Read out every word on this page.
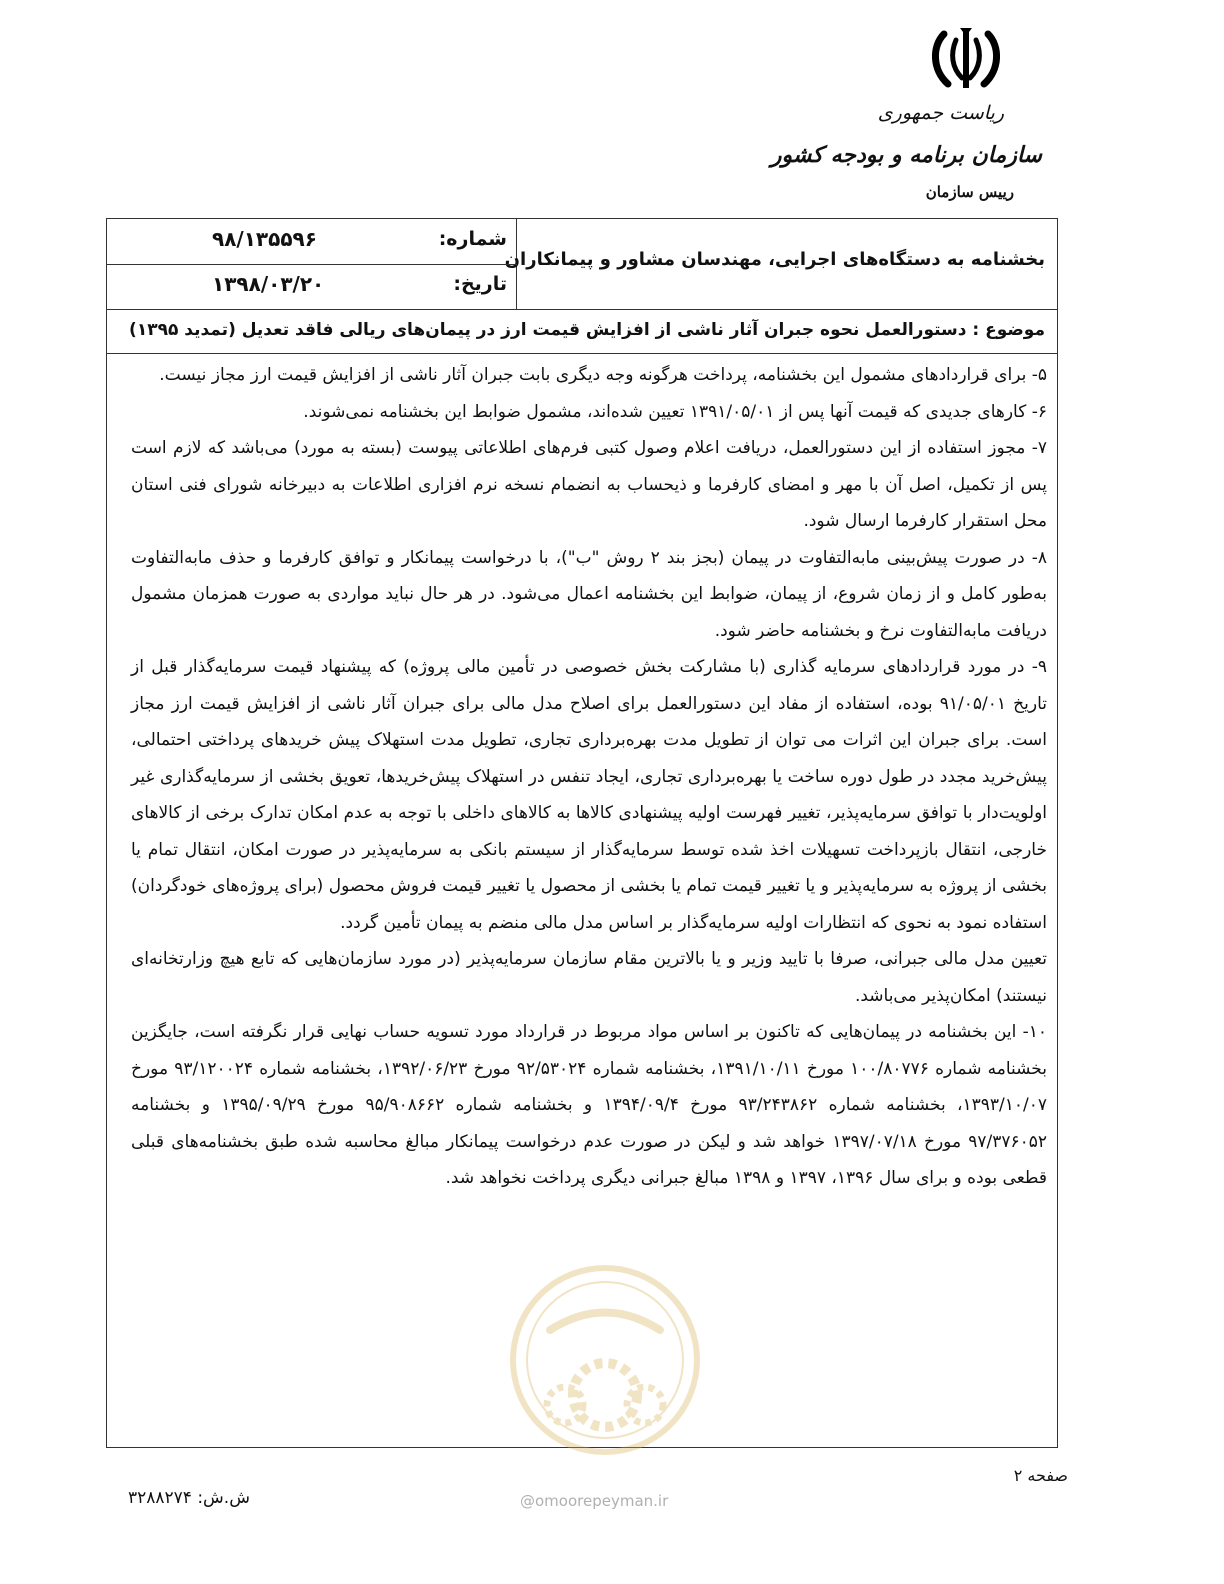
ریاست جمهوری
سازمان برنامه و بودجه کشور
رییس سازمان
بخشنامه به دستگاه‌های اجرایی، مهندسان مشاور و پیمانکاران
شماره:
۹۸/۱۳۵۵۹۶
تاریخ:
۱۳۹۸/۰۳/۲۰
موضوع : دستورالعمل نحوه جبران آثار ناشی از افزایش قیمت ارز در پیمان‌های ریالی فاقد تعدیل (تمدید ۱۳۹۵)

۵- برای قراردادهای مشمول این بخشنامه، پرداخت هرگونه وجه دیگری بابت جبران آثار ناشی از افزایش قیمت ارز مجاز نیست.

۶- کارهای جدیدی که قیمت آنها پس از ۱۳۹۱/۰۵/۰۱ تعیین شده‌اند، مشمول ضوابط این بخشنامه نمی‌شوند.

۷- مجوز استفاده از این دستورالعمل، دریافت اعلام وصول کتبی فرم‌های اطلاعاتی پیوست (بسته به مورد) می‌باشد که لازم است پس از تکمیل، اصل آن با مهر و امضای کارفرما و ذیحساب به انضمام نسخه نرم افزاری اطلاعات به دبیرخانه شورای فنی استان محل استقرار کارفرما ارسال شود.

۸- در صورت پیش‌بینی مابه‌التفاوت در پیمان (بجز بند ۲ روش "ب")، با درخواست پیمانکار و توافق کارفرما و حذف مابه‌التفاوت به‌طور کامل و از زمان شروع، از پیمان، ضوابط این بخشنامه اعمال می‌شود. در هر حال نباید مواردی به صورت همزمان مشمول دریافت مابه‌التفاوت نرخ و بخشنامه حاضر شود.

۹- در مورد قراردادهای سرمایه گذاری (با مشارکت بخش خصوصی در تأمین مالی پروژه) که پیشنهاد قیمت سرمایه‌گذار قبل از تاریخ ۹۱/۰۵/۰۱ بوده، استفاده از مفاد این دستورالعمل برای اصلاح مدل مالی برای جبران آثار ناشی از افزایش قیمت ارز مجاز است. برای جبران این اثرات می توان از تطویل مدت بهره‌برداری تجاری، تطویل مدت استهلاک پیش خریدهای پرداختی احتمالی، پیش‌خرید مجدد در طول دوره ساخت یا بهره‌برداری تجاری، ایجاد تنفس در استهلاک پیش‌خریدها، تعویق بخشی از سرمایه‌گذاری غیر اولویت‌دار با توافق سرمایه‌پذیر، تغییر فهرست اولیه پیشنهادی کالاها به کالاهای داخلی با توجه به عدم امکان تدارک برخی از کالاهای خارجی، انتقال بازپرداخت تسهیلات اخذ شده توسط سرمایه‌گذار از سیستم بانکی به سرمایه‌پذیر در صورت امکان، انتقال تمام یا بخشی از پروژه به سرمایه‌پذیر و یا تغییر قیمت تمام یا بخشی از محصول یا تغییر قیمت فروش محصول (برای پروژه‌های خودگردان) استفاده نمود به نحوی که انتظارات اولیه سرمایه‌گذار بر اساس مدل مالی منضم به پیمان تأمین گردد.

تعیین مدل مالی جبرانی، صرفا با تایید وزیر و یا بالاترین مقام سازمان سرمایه‌پذیر (در مورد سازمان‌هایی که تابع هیچ وزارتخانه‌ای نیستند) امکان‌پذیر می‌باشد.

۱۰- این بخشنامه در پیمان‌هایی که تاکنون بر اساس مواد مربوط در قرارداد مورد تسویه حساب نهایی قرار نگرفته است، جایگزین بخشنامه شماره ۱۰۰/۸۰۷۷۶ مورخ ۱۳۹۱/۱۰/۱۱، بخشنامه شماره ۹۲/۵۳۰۲۴ مورخ ۱۳۹۲/۰۶/۲۳، بخشنامه شماره ۹۳/۱۲۰۰۲۴ مورخ ۱۳۹۳/۱۰/۰۷، بخشنامه شماره ۹۳/۲۴۳۸۶۲ مورخ ۱۳۹۴/۰۹/۴ و بخشنامه شماره ۹۵/۹۰۸۶۶۲ مورخ ۱۳۹۵/۰۹/۲۹ و بخشنامه ۹۷/۳۷۶۰۵۲ مورخ ۱۳۹۷/۰۷/۱۸ خواهد شد و لیکن در صورت عدم درخواست پیمانکار مبالغ محاسبه شده طبق بخشنامه‌های قبلی قطعی بوده و برای سال ۱۳۹۶، ۱۳۹۷ و ۱۳۹۸ مبالغ جبرانی دیگری پرداخت نخواهد شد.

صفحه ۲
ش.ش: ۳۲۸۸۲۷۴	@omoorepeyman.ir
